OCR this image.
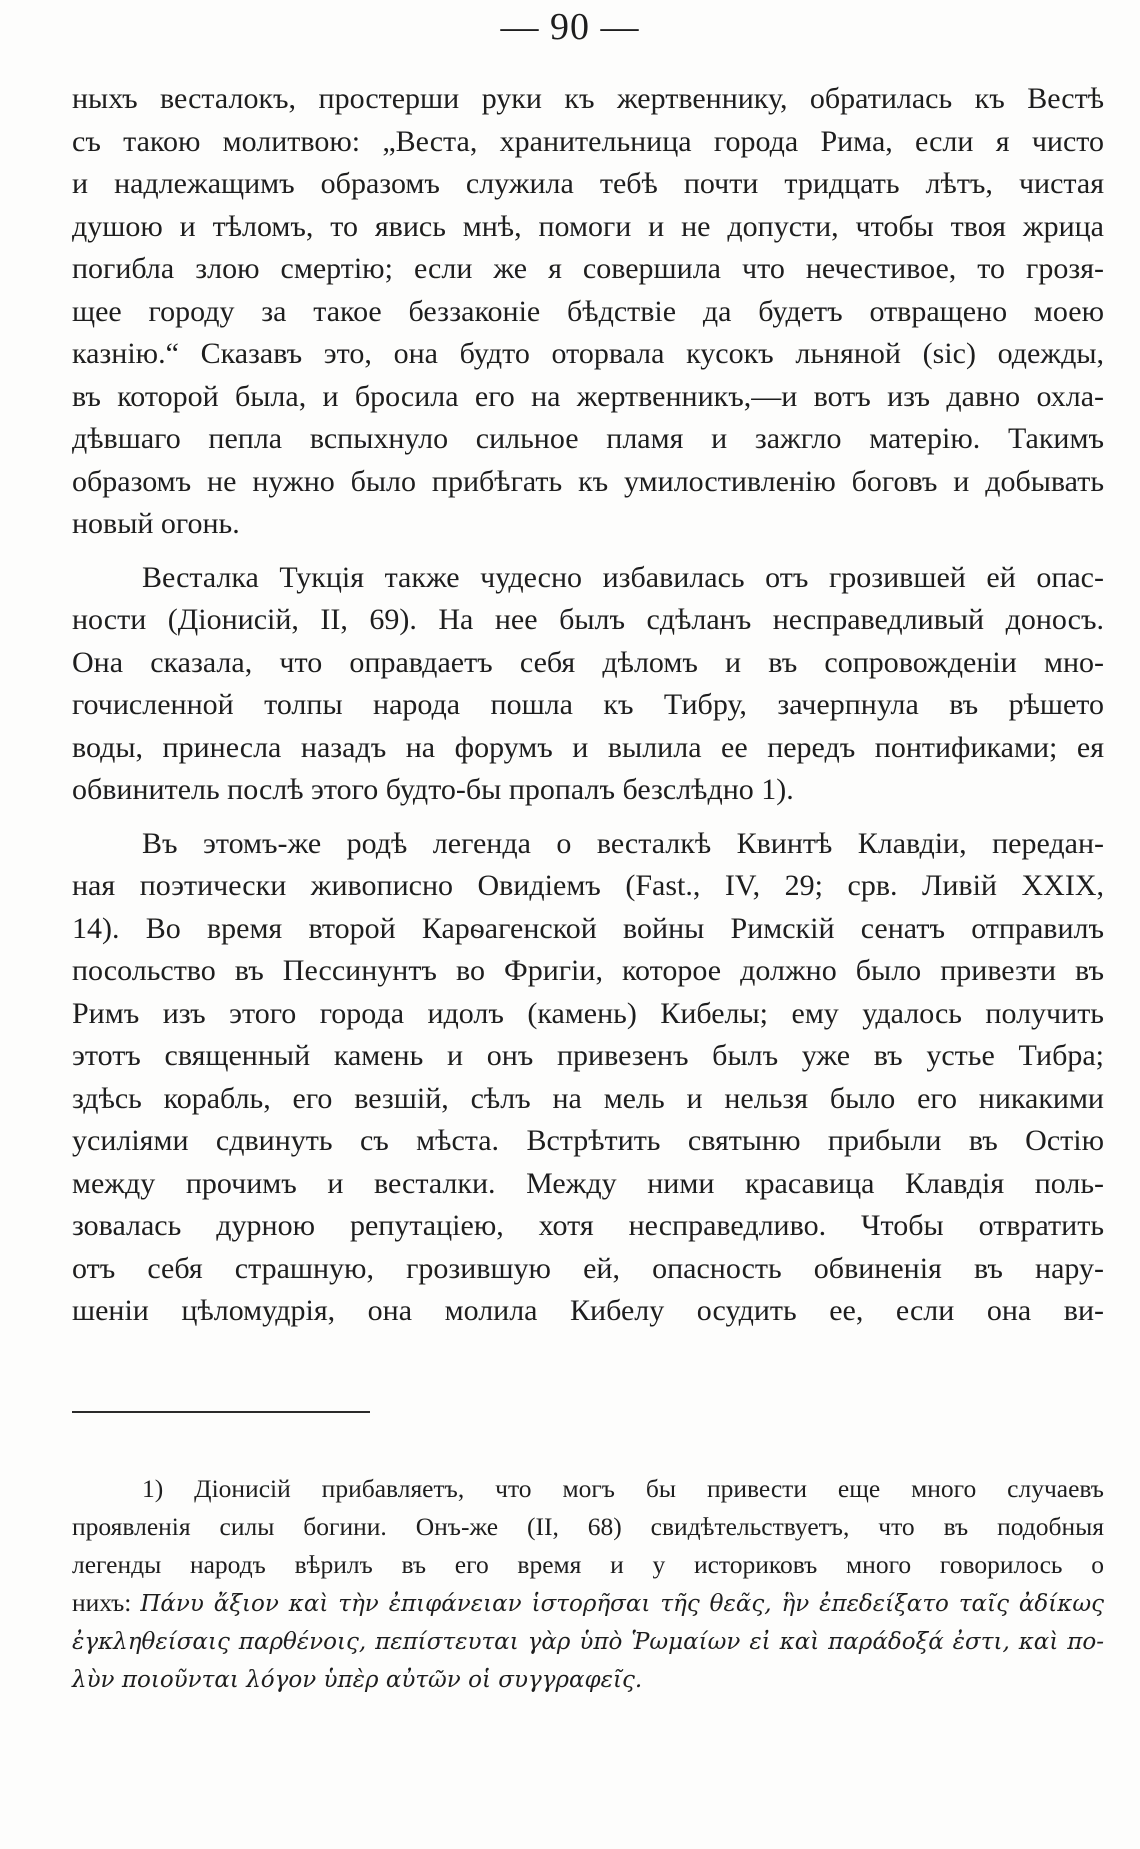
— 90 —

ныхъ весталокъ, простерши руки къ жертвеннику, обратилась къ Вестѣ
съ такою молитвою: „Веста, хранительница города Рима, если я чисто
и надлежащимъ образомъ служила тебѣ почти тридцать лѣтъ, чистая
душою и тѣломъ, то явись мнѣ, помоги и не допусти, чтобы твоя жрица
погибла злою смертію; если же я совершила что нечестивое, то грозя-
щее городу за такое беззаконіе бѣдствіе да будетъ отвращено моею
казнію.“ Сказавъ это, она будто оторвала кусокъ льняной (sic) одежды,
въ которой была, и бросила его на жертвенникъ,—и вотъ изъ давно охла-
дѣвшаго пепла вспыхнуло сильное пламя и зажгло матерію. Такимъ
образомъ не нужно было прибѣгать къ умилостивленію боговъ и добывать
новый огонь.

Весталка Тукція также чудесно избавилась отъ грозившей ей опас-
ности (Діонисій, II, 69). На нее былъ сдѣланъ несправедливый доносъ.
Она сказала, что оправдаетъ себя дѣломъ и въ сопровожденіи мно-
гочисленной толпы народа пошла къ Тибру, зачерпнула въ рѣшето
воды, принесла назадъ на форумъ и вылила ее передъ понтификами; ея
обвинитель послѣ этого будто-бы пропалъ безслѣдно 1).

Въ этомъ-же родѣ легенда о весталкѣ Квинтѣ Клавдіи, передан-
ная поэтически живописно Овидіемъ (Fast., IV, 29; срв. Ливій XXIX,
14). Во время второй Карѳагенской войны Римскій сенатъ отправилъ
посольство въ Пессинунтъ во Фригіи, которое должно было привезти въ
Римъ изъ этого города идолъ (камень) Кибелы; ему удалось получить
этотъ священный камень и онъ привезенъ былъ уже въ устье Тибра;
здѣсь корабль, его везшій, сѣлъ на мель и нельзя было его никакими
усиліями сдвинуть съ мѣста. Встрѣтить святыню прибыли въ Остію
между прочимъ и весталки. Между ними красавица Клавдія поль-
зовалась дурною репутаціею, хотя несправедливо. Чтобы отвратить
отъ себя страшную, грозившую ей, опасность обвиненія въ нару-
шеніи цѣломудрія, она молила Кибелу осудить ее, если она ви-

1) Діонисій прибавляетъ, что могъ бы привести еще много случаевъ
проявленія силы богини. Онъ-же (II, 68) свидѣтельствуетъ, что въ подобныя
легенды народъ вѣрилъ въ его время и у историковъ много говорилось о
нихъ: Πάνυ ἄξιον καὶ τὴν ἐπιφάνειαν ἱστορῆσαι τῆς θεᾶς, ἣν ἐπεδείξατο ταῖς ἀδίκως
ἐγκληθείσαις παρθένοις, πεπίστευται γὰρ ὑπὸ Ῥωμαίων εἰ καὶ παράδοξά ἐστι, καὶ πο-
λὺν ποιοῦνται λόγον ὑπὲρ αὐτῶν οἱ συγγραφεῖς.
